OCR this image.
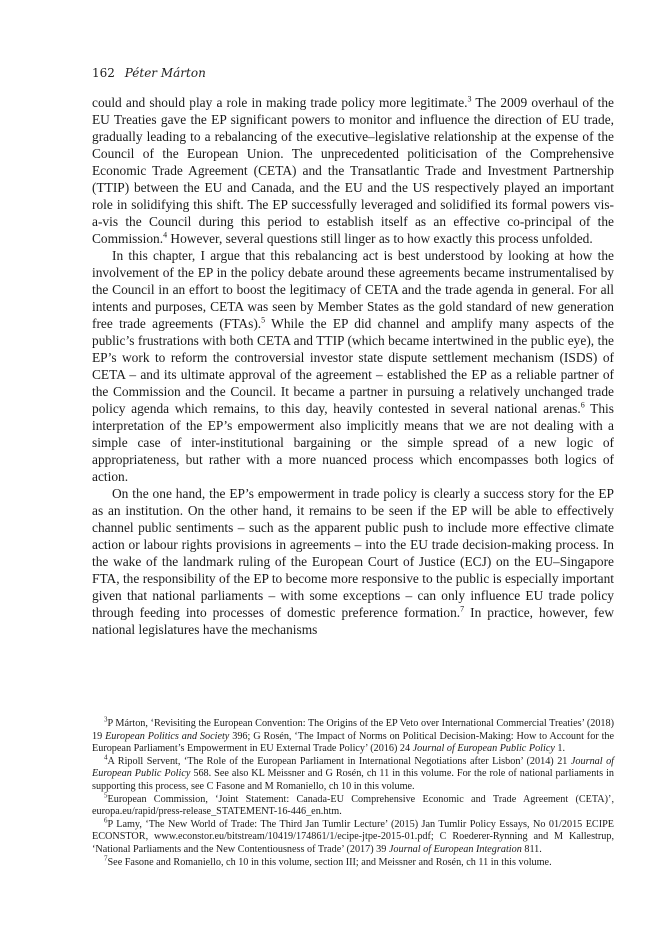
162 Péter Márton

could and should play a role in making trade policy more legitimate.$^3$ The 2009 overhaul of the EU Treaties gave the EP significant powers to monitor and influence the direction of EU trade, gradually leading to a rebalancing of the executive–legislative relationship at the expense of the Council of the European Union. The unprecedented politicisation of the Comprehensive Economic Trade Agreement (CETA) and the Transatlantic Trade and Investment Partnership (TTIP) between the EU and Canada, and the EU and the US respectively played an important role in solidifying this shift. The EP successfully leveraged and solidified its formal powers vis-a-vis the Council during this period to establish itself as an effective co-principal of the Commission.$^4$ However, several questions still linger as to how exactly this process unfolded.

In this chapter, I argue that this rebalancing act is best understood by looking at how the involvement of the EP in the policy debate around these agreements became instrumentalised by the Council in an effort to boost the legitimacy of CETA and the trade agenda in general. For all intents and purposes, CETA was seen by Member States as the gold standard of new generation free trade agreements (FTAs).$^5$ While the EP did channel and amplify many aspects of the public’s frustrations with both CETA and TTIP (which became intertwined in the public eye), the EP’s work to reform the controversial investor state dispute settlement mechanism (ISDS) of CETA – and its ultimate approval of the agreement – established the EP as a reliable partner of the Commission and the Council. It became a partner in pursuing a relatively unchanged trade policy agenda which remains, to this day, heavily contested in several national arenas.$^6$ This interpretation of the EP’s empowerment also implicitly means that we are not dealing with a simple case of inter-institutional bargaining or the simple spread of a new logic of appropriateness, but rather with a more nuanced process which encompasses both logics of action.

On the one hand, the EP’s empowerment in trade policy is clearly a success story for the EP as an institution. On the other hand, it remains to be seen if the EP will be able to effectively channel public sentiments – such as the apparent public push to include more effective climate action or labour rights provisions in agreements – into the EU trade decision-making process. In the wake of the landmark ruling of the European Court of Justice (ECJ) on the EU–Singapore FTA, the responsibility of the EP to become more responsive to the public is especially important given that national parliaments – with some exceptions – can only influence EU trade policy through feeding into processes of domestic preference formation.$^7$ In practice, however, few national legislatures have the mechanisms

$^3$P Márton, ‘Revisiting the European Convention: The Origins of the EP Veto over International Commercial Treaties’ (2018) 19 European Politics and Society 396; G Rosén, ‘The Impact of Norms on Political Decision-Making: How to Account for the European Parliament’s Empowerment in EU External Trade Policy’ (2016) 24 Journal of European Public Policy 1.

$^4$A Ripoll Servent, ‘The Role of the European Parliament in International Negotiations after Lisbon’ (2014) 21 Journal of European Public Policy 568. See also KL Meissner and G Rosén, ch 11 in this volume. For the role of national parliaments in supporting this process, see C Fasone and M Romaniello, ch 10 in this volume.

$^5$European Commission, ‘Joint Statement: Canada-EU Comprehensive Economic and Trade Agreement (CETA)’, europa.eu/rapid/press-release_STATEMENT-16-446_en.htm.

$^6$P Lamy, ‘The New World of Trade: The Third Jan Tumlir Lecture’ (2015) Jan Tumlir Policy Essays, No 01/2015 ECIPE ECONSTOR, www.econstor.eu/bitstream/10419/174861/1/ecipe-jtpe-2015-01.pdf; C Roederer-Rynning and M Kallestrup, ‘National Parliaments and the New Contentiousness of Trade’ (2017) 39 Journal of European Integration 811.

$^7$See Fasone and Romaniello, ch 10 in this volume, section III; and Meissner and Rosén, ch 11 in this volume.
